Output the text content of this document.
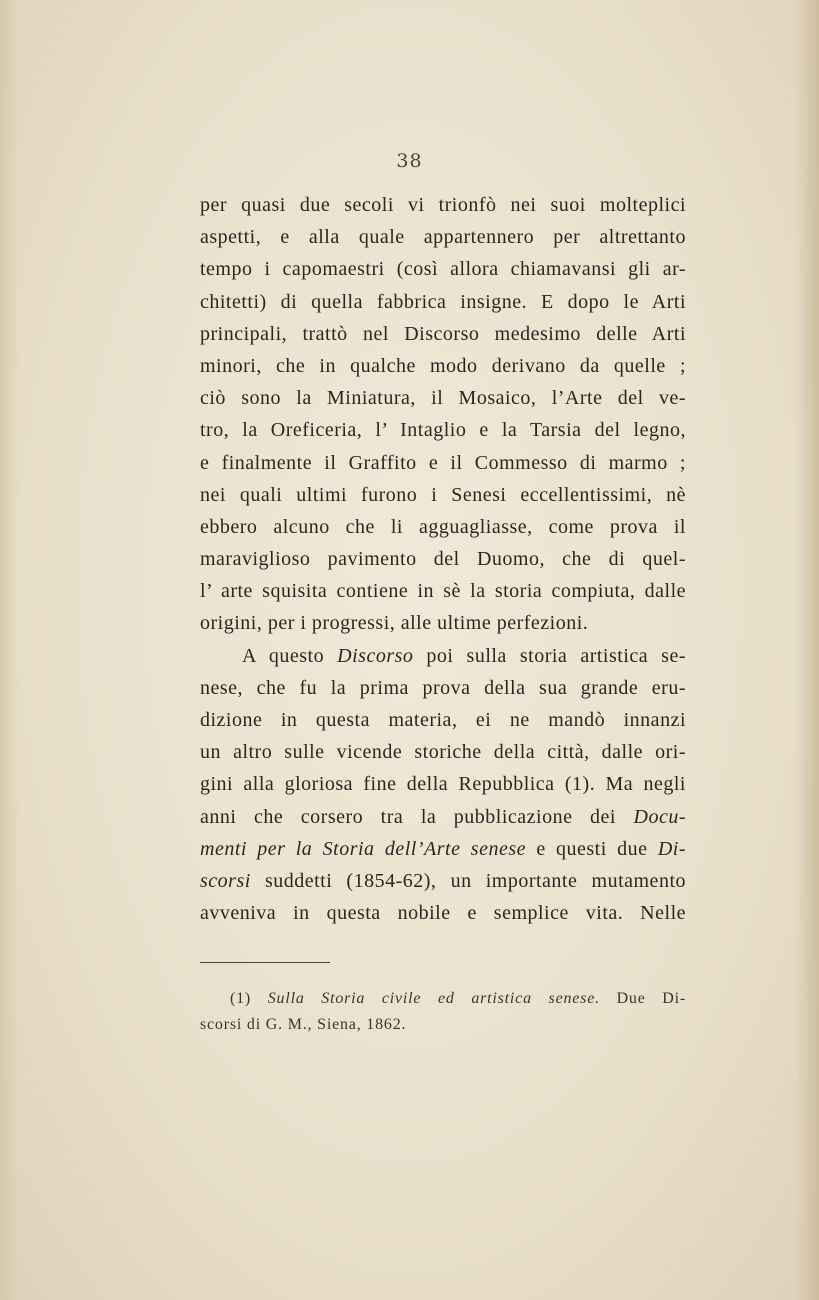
38
per quasi due secoli vi trionfò nei suoi molteplici
aspetti, e alla quale appartennero per altrettanto
tempo i capomaestri (così allora chiamavansi gli ar-
chitetti) di quella fabbrica insigne. E dopo le Arti
principali, trattò nel Discorso medesimo delle Arti
minori, che in qualche modo derivano da quelle ;
ciò sono la Miniatura, il Mosaico, l’Arte del ve-
tro, la Oreficeria, l’ Intaglio e la Tarsia del legno,
e finalmente il Graffito e il Commesso di marmo ;
nei quali ultimi furono i Senesi eccellentissimi, nè
ebbero alcuno che li agguagliasse, come prova il
maraviglioso pavimento del Duomo, che di quel-
l’ arte squisita contiene in sè la storia compiuta, dalle
origini, per i progressi, alle ultime perfezioni.
A questo Discorso poi sulla storia artistica se-
nese, che fu la prima prova della sua grande eru-
dizione in questa materia, ei ne mandò innanzi
un altro sulle vicende storiche della città, dalle ori-
gini alla gloriosa fine della Repubblica (1). Ma negli
anni che corsero tra la pubblicazione dei Docu-
menti per la Storia dell’Arte senese e questi due Di-
scorsi suddetti (1854-62), un importante mutamento
avveniva in questa nobile e semplice vita. Nelle
(1) Sulla Storia civile ed artistica senese. Due Di-
scorsi di G. M., Siena, 1862.
